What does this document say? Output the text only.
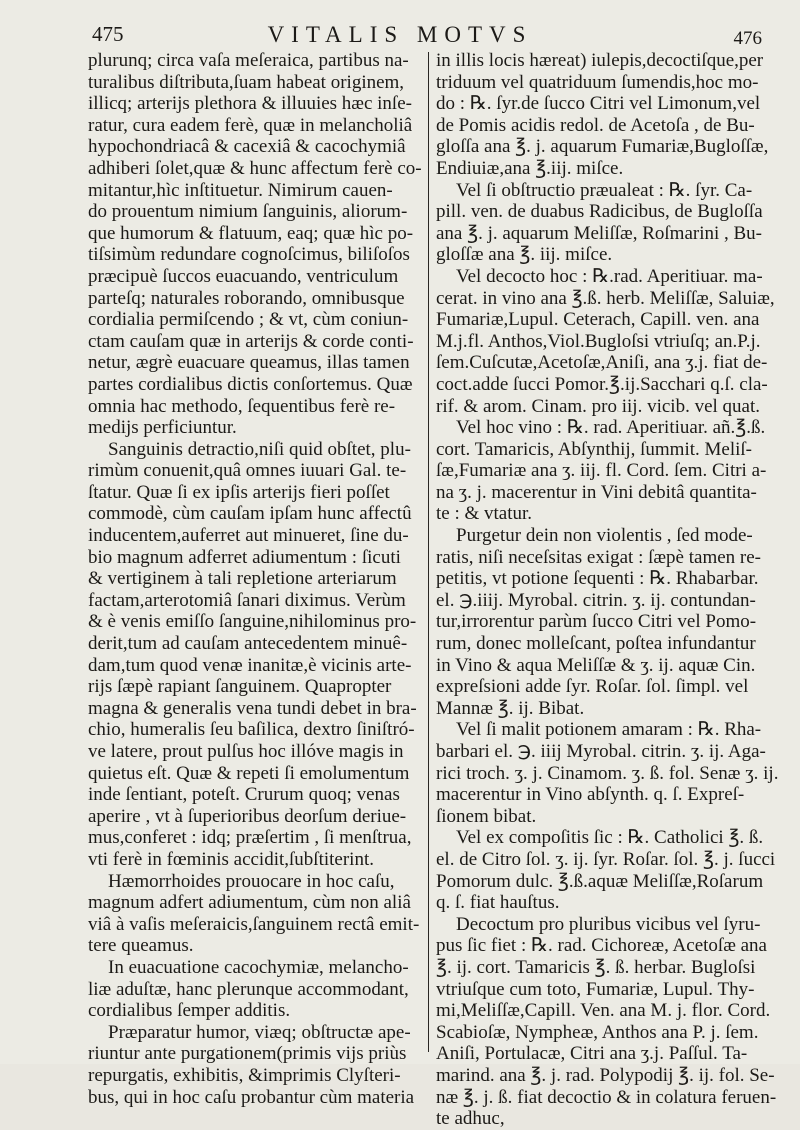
475	VITALIS MOTVS	476
plurunq; circa vaſa meſeraica, partibus na-
turalibus diſtributa,ſuam habeat originem,
illicq; arterijs plethora & illuuies hæc inſe-
ratur, cura eadem ferè, quæ in melancholiâ
hypochondriacâ & cacexiâ & cacochymiâ
adhiberi ſolet,quæ & hunc affectum ferè co-
mitantur,hìc inſtituetur. Nimirum cauen-
do prouentum nimium ſanguinis, aliorum-
que humorum & flatuum, eaq; quæ hìc po-
tiſsimùm redundare cognoſcimus, biliſoſos
præcipuè ſuccos euacuando, ventriculum
parteſq; naturales roborando, omnibusque
cordialia permiſcendo ; & vt, cùm coniun-
ctam cauſam quæ in arterijs & corde conti-
netur, ægrè euacuare queamus, illas tamen
partes cordialibus dictis conſortemus. Quæ
omnia hac methodo, ſequentibus ferè re-
medijs perficiuntur.
Sanguinis detractio,niſi quid obſtet, plu-
rimùm conuenit,quâ omnes iuuari Gal. te-
ſtatur. Quæ ſi ex ipſis arterijs fieri poſſet
commodè, cùm cauſam ipſam hunc affectû
inducentem,auferret aut minueret, ſine du-
bio magnum adferret adiumentum : ſicuti
& vertiginem à tali repletione arteriarum
factam,arterotomiâ ſanari diximus. Verùm
& è venis emiſſo ſanguine,nihilominus pro-
derit,tum ad cauſam antecedentem minuê-
dam,tum quod venæ inanitæ,è vicinis arte-
rijs ſæpè rapiant ſanguinem. Quapropter
magna & generalis vena tundi debet in bra-
chio, humeralis ſeu baſilica, dextro ſiniſtró-
ve latere, prout pulſus hoc illóve magis in
quietus eſt. Quæ & repeti ſi emolumentum
inde ſentiant, poteſt. Crurum quoq; venas
aperire , vt à ſuperioribus deorſum deriue-
mus,conferet : idq; præſertim , ſi menſtrua,
vti ferè in fœminis accidit,ſubſtiterint.
Hæmorrhoides prouocare in hoc caſu,
magnum adfert adiumentum, cùm non aliâ
viâ à vaſis meſeraicis,ſanguinem rectâ emit-
tere queamus.
In euacuatione cacochymiæ, melancho-
liæ aduſtæ, hanc plerunque accommodant,
cordialibus ſemper additis.
Præparatur humor, viæq; obſtructæ ape-
riuntur ante purgationem(primis vijs priùs
repurgatis, exhibitis, &imprimis Clyſteri-
bus, qui in hoc caſu probantur cùm materia
in illis locis hæreat) iulepis,decoctiſque,per
triduum vel quatriduum ſumendis,hoc mo-
do : ℞. ſyr.de ſucco Citri vel Limonum,vel
de Pomis acidis redol. de Acetoſa , de Bu-
gloſſa ana ℥. j. aquarum Fumariæ,Bugloſſæ,
Endiuiæ,ana ℥.iij. miſce.
Vel ſi obſtructio præualeat : ℞. ſyr. Ca-
pill. ven. de duabus Radicibus, de Bugloſſa
ana ℥. j. aquarum Meliſſæ, Roſmarini , Bu-
gloſſæ ana ℥. iij. miſce.
Vel decocto hoc : ℞.rad. Aperitiuar. ma-
cerat. in vino ana ℥.ß. herb. Meliſſæ, Saluiæ,
Fumariæ,Lupul. Ceterach, Capill. ven. ana
M.j.fl. Anthos,Viol.Bugloſsi vtriuſq; an.P.j.
ſem.Cuſcutæ,Acetoſæ,Aniſi, ana ʒ.j. fiat de-
coct.adde ſucci Pomor.℥.ij.Sacchari q.ſ. cla-
rif. & arom. Cinam. pro iij. vicib. vel quat.
Vel hoc vino : ℞. rad. Aperitiuar. añ.℥.ß.
cort. Tamaricis, Abſynthij, ſummit. Meliſ-
ſæ,Fumariæ ana ʒ. iij. fl. Cord. ſem. Citri a-
na ʒ. j. macerentur in Vini debitâ quantita-
te : & vtatur.
Purgetur dein non violentis , ſed mode-
ratis, niſi neceſsitas exigat : ſæpè tamen re-
petitis, vt potione ſequenti : ℞. Rhabarbar.
el. ℈.iiij. Myrobal. citrin. ʒ. ij. contundan-
tur,irrorentur parùm ſucco Citri vel Pomo-
rum, donec molleſcant, poſtea infundantur
in Vino & aqua Meliſſæ & ʒ. ij. aquæ Cin.
expreſsioni adde ſyr. Roſar. ſol. ſimpl. vel
Mannæ ℥. ij. Bibat.
Vel ſi malit potionem amaram : ℞. Rha-
barbari el. ℈. iiij Myrobal. citrin. ʒ. ij. Aga-
rici troch. ʒ. j. Cinamom. ʒ. ß. fol. Senæ ʒ. ij.
macerentur in Vino abſynth. q. ſ. Expreſ-
ſionem bibat.
Vel ex compoſitis ſic : ℞. Catholici ℥. ß.
el. de Citro ſol. ʒ. ij. ſyr. Roſar. ſol. ℥. j. ſucci
Pomorum dulc. ℥.ß.aquæ Meliſſæ,Roſarum
q. ſ. fiat hauſtus.
Decoctum pro pluribus vicibus vel ſyru-
pus ſic fiet : ℞. rad. Cichoreæ, Acetoſæ ana
℥. ij. cort. Tamaricis ℥. ß. herbar. Bugloſsi
vtriuſque cum toto, Fumariæ, Lupul. Thy-
mi,Meliſſæ,Capill. Ven. ana M. j. flor. Cord.
Scabioſæ, Nympheæ, Anthos ana P. j. ſem.
Aniſi, Portulacæ, Citri ana ʒ.j. Paſſul. Ta-
marind. ana ℥. j. rad. Polypodij ℥. ij. fol. Se-
næ ℥. j. ß. fiat decoctio & in colatura feruen-
te adhuc,
